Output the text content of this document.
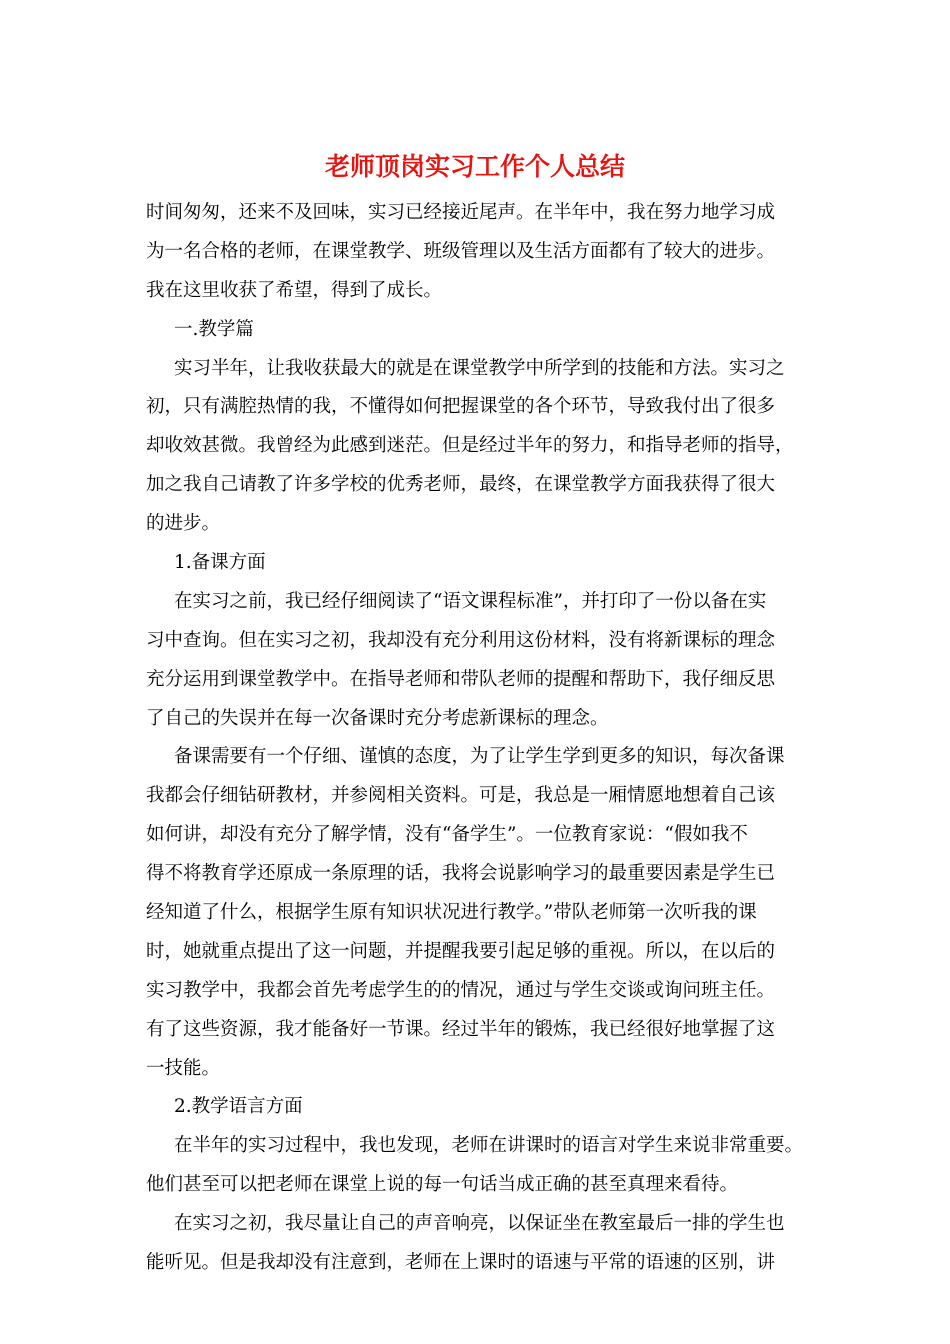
老师顶岗实习工作个人总结
时间匆匆，还来不及回味，实习已经接近尾声。在半年中，我在努力地学习成
为一名合格的老师，在课堂教学、班级管理以及生活方面都有了较大的进步。
我在这里收获了希望，得到了成长。
一.教学篇
实习半年，让我收获最大的就是在课堂教学中所学到的技能和方法。实习之
初，只有满腔热情的我，不懂得如何把握课堂的各个环节，导致我付出了很多
却收效甚微。我曾经为此感到迷茫。但是经过半年的努力，和指导老师的指导，
加之我自己请教了许多学校的优秀老师，最终，在课堂教学方面我获得了很大
的进步。
1.备课方面
在实习之前，我已经仔细阅读了“语文课程标准”，并打印了一份以备在实
习中查询。但在实习之初，我却没有充分利用这份材料，没有将新课标的理念
充分运用到课堂教学中。在指导老师和带队老师的提醒和帮助下，我仔细反思
了自己的失误并在每一次备课时充分考虑新课标的理念。
备课需要有一个仔细、谨慎的态度，为了让学生学到更多的知识，每次备课
我都会仔细钻研教材，并参阅相关资料。可是，我总是一厢情愿地想着自己该
如何讲，却没有充分了解学情，没有“备学生”。一位教育家说：“假如我不
得不将教育学还原成一条原理的话，我将会说影响学习的最重要因素是学生已
经知道了什么，根据学生原有知识状况进行教学。”带队老师第一次听我的课
时，她就重点提出了这一问题，并提醒我要引起足够的重视。所以，在以后的
实习教学中，我都会首先考虑学生的的情况，通过与学生交谈或询问班主任。
有了这些资源，我才能备好一节课。经过半年的锻炼，我已经很好地掌握了这
一技能。
2.教学语言方面
在半年的实习过程中，我也发现，老师在讲课时的语言对学生来说非常重要。
他们甚至可以把老师在课堂上说的每一句话当成正确的甚至真理来看待。
在实习之初，我尽量让自己的声音响亮，以保证坐在教室最后一排的学生也
能听见。但是我却没有注意到，老师在上课时的语速与平常的语速的区别，讲
